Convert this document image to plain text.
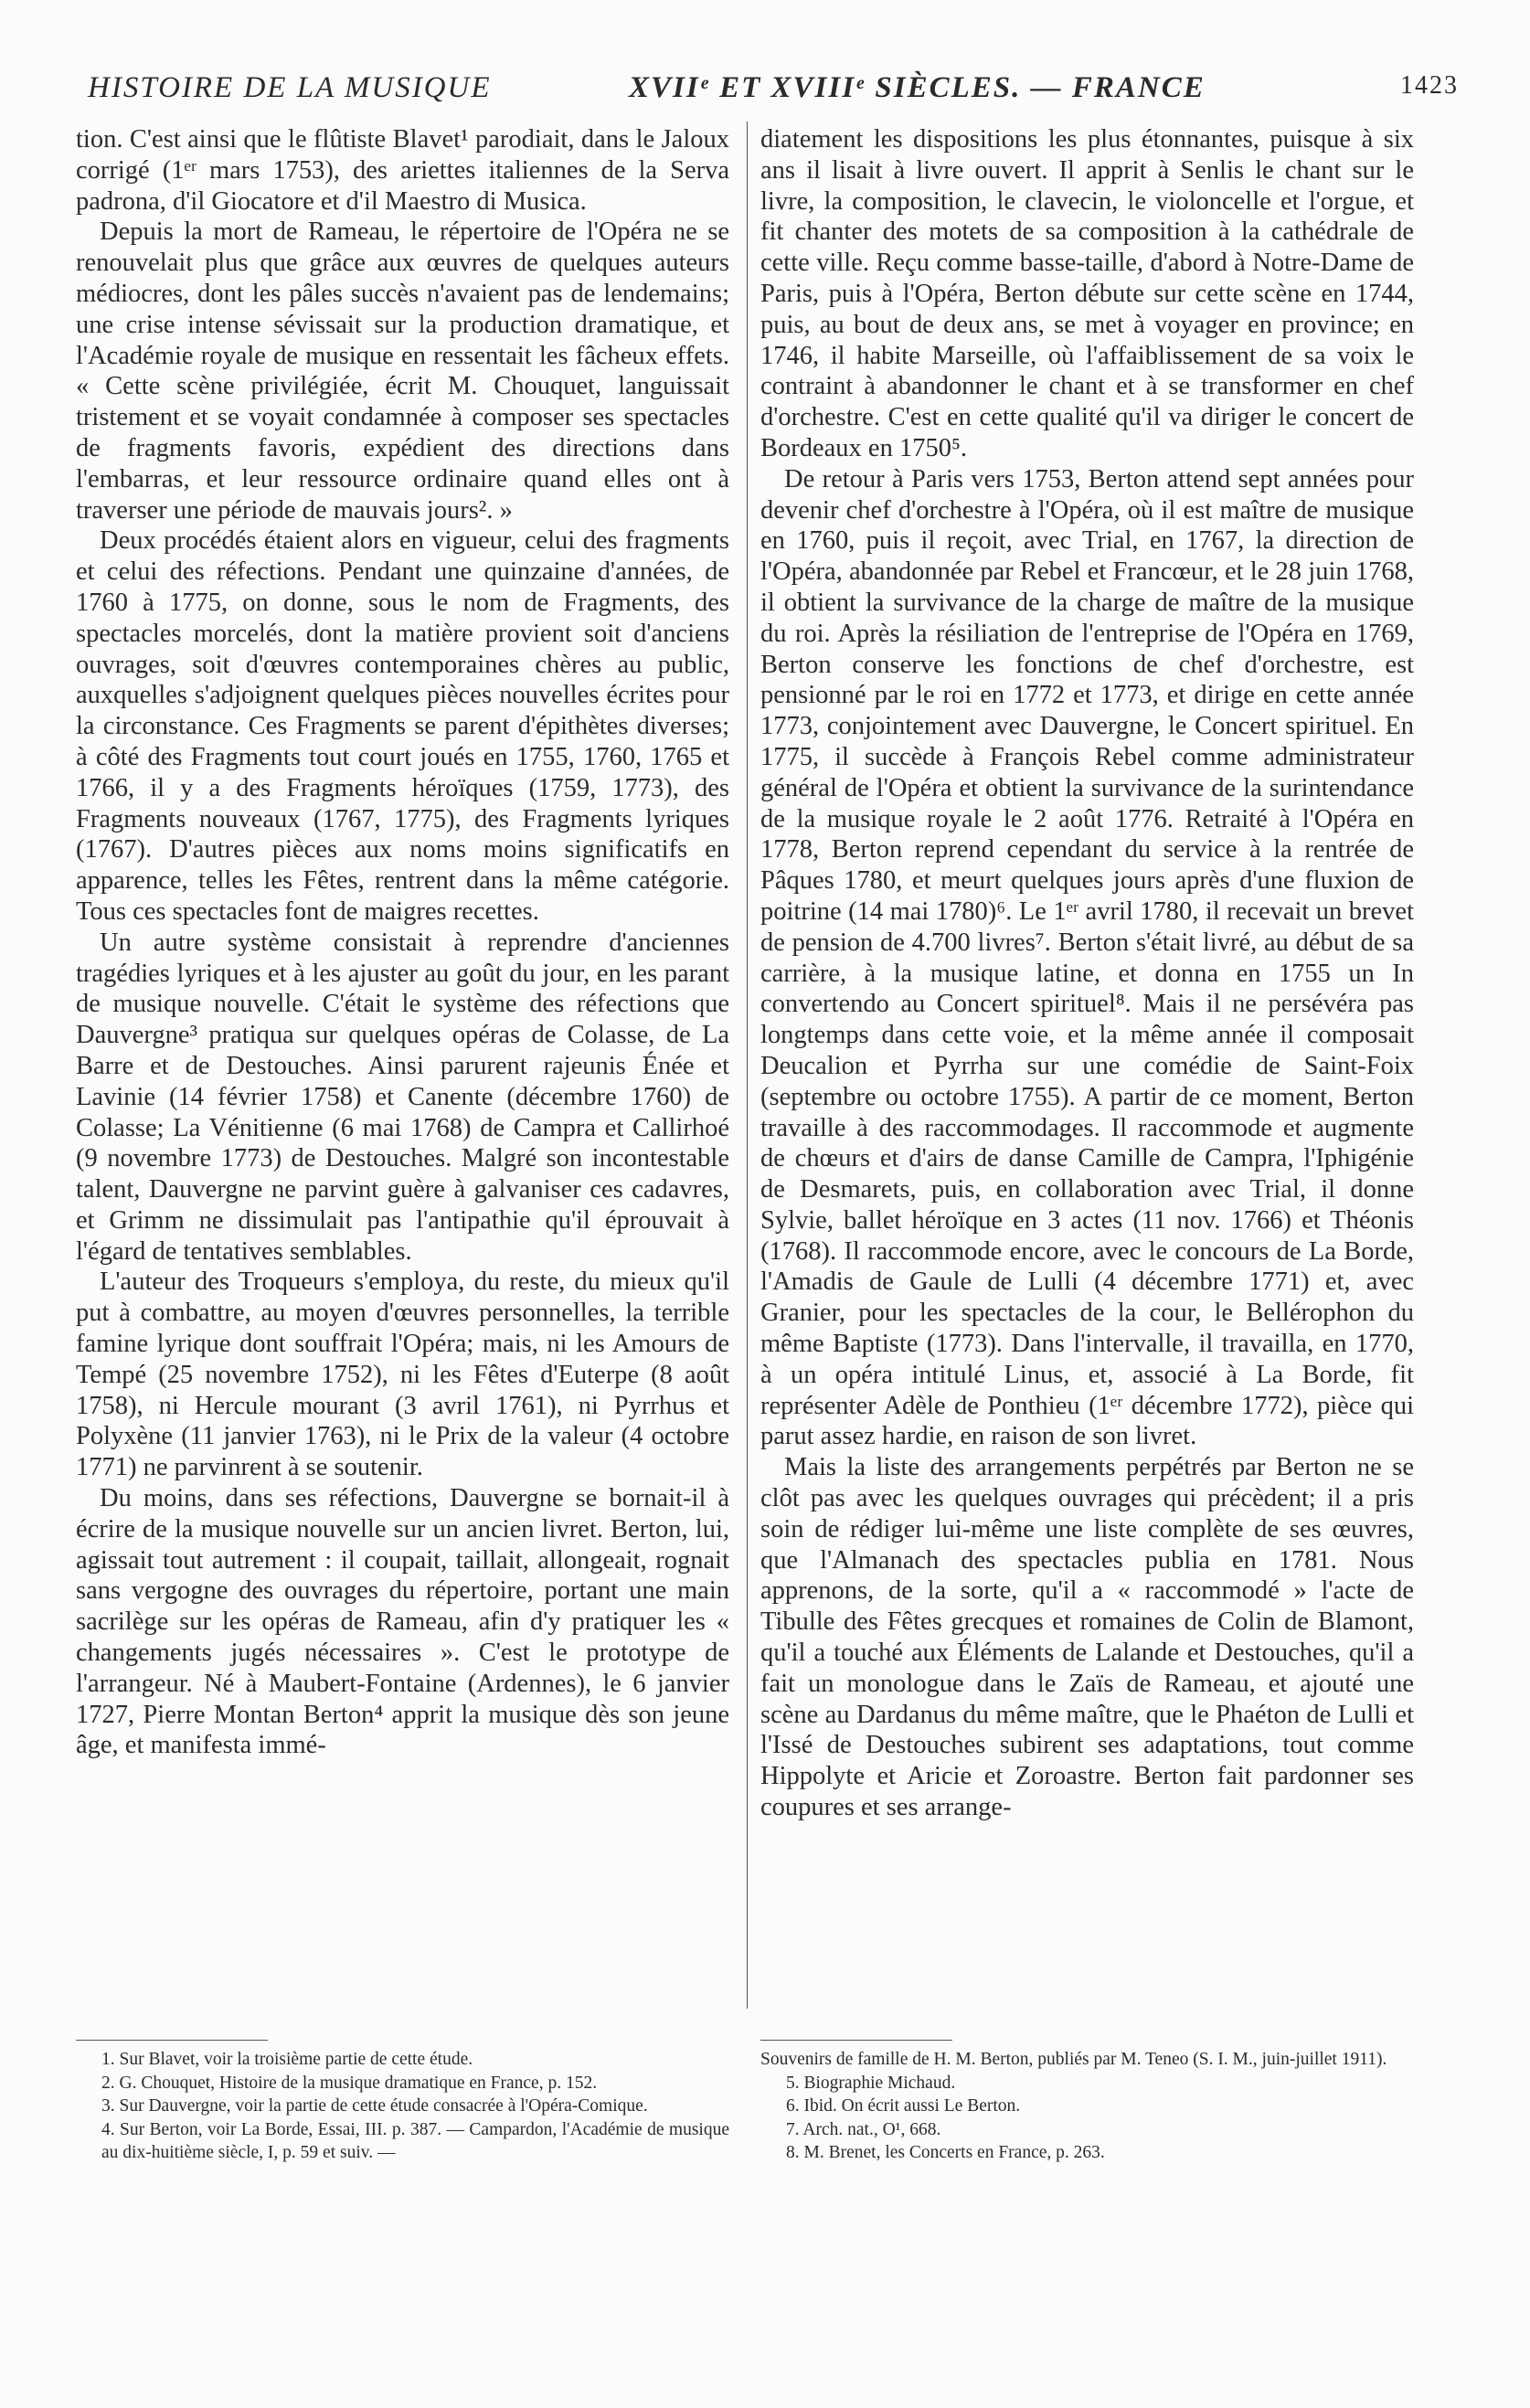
HISTOIRE DE LA MUSIQUE	XVIIᵉ ET XVIIIᵉ SIÈCLES. — FRANCE	1423

tion. C'est ainsi que le flûtiste Blavet¹ parodiait, dans le Jaloux corrigé (1ᵉʳ mars 1753), des ariettes italiennes de la Serva padrona, d'il Giocatore et d'il Maestro di Musica.

Depuis la mort de Rameau, le répertoire de l'Opéra ne se renouvelait plus que grâce aux œuvres de quelques auteurs médiocres, dont les pâles succès n'avaient pas de lendemains; une crise intense sévissait sur la production dramatique, et l'Académie royale de musique en ressentait les fâcheux effets. « Cette scène privilégiée, écrit M. Chouquet, languissait tristement et se voyait condamnée à composer ses spectacles de fragments favoris, expédient des directions dans l'embarras, et leur ressource ordinaire quand elles ont à traverser une période de mauvais jours². »

Deux procédés étaient alors en vigueur, celui des fragments et celui des réfections. Pendant une quinzaine d'années, de 1760 à 1775, on donne, sous le nom de Fragments, des spectacles morcelés, dont la matière provient soit d'anciens ouvrages, soit d'œuvres contemporaines chères au public, auxquelles s'adjoignent quelques pièces nouvelles écrites pour la circonstance. Ces Fragments se parent d'épithètes diverses; à côté des Fragments tout court joués en 1755, 1760, 1765 et 1766, il y a des Fragments héroïques (1759, 1773), des Fragments nouveaux (1767, 1775), des Fragments lyriques (1767). D'autres pièces aux noms moins significatifs en apparence, telles les Fêtes, rentrent dans la même catégorie. Tous ces spectacles font de maigres recettes.

Un autre système consistait à reprendre d'anciennes tragédies lyriques et à les ajuster au goût du jour, en les parant de musique nouvelle. C'était le système des réfections que Dauvergne³ pratiqua sur quelques opéras de Colasse, de La Barre et de Destouches. Ainsi parurent rajeunis Énée et Lavinie (14 février 1758) et Canente (décembre 1760) de Colasse; La Vénitienne (6 mai 1768) de Campra et Callirhoé (9 novembre 1773) de Destouches. Malgré son incontestable talent, Dauvergne ne parvint guère à galvaniser ces cadavres, et Grimm ne dissimulait pas l'antipathie qu'il éprouvait à l'égard de tentatives semblables.

L'auteur des Troqueurs s'employa, du reste, du mieux qu'il put à combattre, au moyen d'œuvres personnelles, la terrible famine lyrique dont souffrait l'Opéra; mais, ni les Amours de Tempé (25 novembre 1752), ni les Fêtes d'Euterpe (8 août 1758), ni Hercule mourant (3 avril 1761), ni Pyrrhus et Polyxène (11 janvier 1763), ni le Prix de la valeur (4 octobre 1771) ne parvinrent à se soutenir.

Du moins, dans ses réfections, Dauvergne se bornait-il à écrire de la musique nouvelle sur un ancien livret. Berton, lui, agissait tout autrement : il coupait, taillait, allongeait, rognait sans vergogne des ouvrages du répertoire, portant une main sacrilège sur les opéras de Rameau, afin d'y pratiquer les « changements jugés nécessaires ». C'est le prototype de l'arrangeur. Né à Maubert-Fontaine (Ardennes), le 6 janvier 1727, Pierre Montan Berton⁴ apprit la musique dès son jeune âge, et manifesta immé-

diatement les dispositions les plus étonnantes, puisque à six ans il lisait à livre ouvert. Il apprit à Senlis le chant sur le livre, la composition, le clavecin, le violoncelle et l'orgue, et fit chanter des motets de sa composition à la cathédrale de cette ville. Reçu comme basse-taille, d'abord à Notre-Dame de Paris, puis à l'Opéra, Berton débute sur cette scène en 1744, puis, au bout de deux ans, se met à voyager en province; en 1746, il habite Marseille, où l'affaiblissement de sa voix le contraint à abandonner le chant et à se transformer en chef d'orchestre. C'est en cette qualité qu'il va diriger le concert de Bordeaux en 1750⁵.

De retour à Paris vers 1753, Berton attend sept années pour devenir chef d'orchestre à l'Opéra, où il est maître de musique en 1760, puis il reçoit, avec Trial, en 1767, la direction de l'Opéra, abandonnée par Rebel et Francœur, et le 28 juin 1768, il obtient la survivance de la charge de maître de la musique du roi. Après la résiliation de l'entreprise de l'Opéra en 1769, Berton conserve les fonctions de chef d'orchestre, est pensionné par le roi en 1772 et 1773, et dirige en cette année 1773, conjointement avec Dauvergne, le Concert spirituel. En 1775, il succède à François Rebel comme administrateur général de l'Opéra et obtient la survivance de la surintendance de la musique royale le 2 août 1776. Retraité à l'Opéra en 1778, Berton reprend cependant du service à la rentrée de Pâques 1780, et meurt quelques jours après d'une fluxion de poitrine (14 mai 1780)⁶. Le 1ᵉʳ avril 1780, il recevait un brevet de pension de 4.700 livres⁷. Berton s'était livré, au début de sa carrière, à la musique latine, et donna en 1755 un In convertendo au Concert spirituel⁸. Mais il ne persévéra pas longtemps dans cette voie, et la même année il composait Deucalion et Pyrrha sur une comédie de Saint-Foix (septembre ou octobre 1755). A partir de ce moment, Berton travaille à des raccommodages. Il raccommode et augmente de chœurs et d'airs de danse Camille de Campra, l'Iphigénie de Desmarets, puis, en collaboration avec Trial, il donne Sylvie, ballet héroïque en 3 actes (11 nov. 1766) et Théonis (1768). Il raccommode encore, avec le concours de La Borde, l'Amadis de Gaule de Lulli (4 décembre 1771) et, avec Granier, pour les spectacles de la cour, le Bellérophon du même Baptiste (1773). Dans l'intervalle, il travailla, en 1770, à un opéra intitulé Linus, et, associé à La Borde, fit représenter Adèle de Ponthieu (1ᵉʳ décembre 1772), pièce qui parut assez hardie, en raison de son livret.

Mais la liste des arrangements perpétrés par Berton ne se clôt pas avec les quelques ouvrages qui précèdent; il a pris soin de rédiger lui-même une liste complète de ses œuvres, que l'Almanach des spectacles publia en 1781. Nous apprenons, de la sorte, qu'il a « raccommodé » l'acte de Tibulle des Fêtes grecques et romaines de Colin de Blamont, qu'il a touché aux Éléments de Lalande et Destouches, qu'il a fait un monologue dans le Zaïs de Rameau, et ajouté une scène au Dardanus du même maître, que le Phaéton de Lulli et l'Issé de Destouches subirent ses adaptations, tout comme Hippolyte et Aricie et Zoroastre. Berton fait pardonner ses coupures et ses arrange-

1. Sur Blavet, voir la troisième partie de cette étude.

2. G. Chouquet, Histoire de la musique dramatique en France, p. 152.

3. Sur Dauvergne, voir la partie de cette étude consacrée à l'Opéra-Comique.

4. Sur Berton, voir La Borde, Essai, III. p. 387. — Campardon, l'Académie de musique au dix-huitième siècle, I, p. 59 et suiv. —

Souvenirs de famille de H. M. Berton, publiés par M. Teneo (S. I. M., juin-juillet 1911).

5. Biographie Michaud.

6. Ibid. On écrit aussi Le Berton.

7. Arch. nat., O¹, 668.

8. M. Brenet, les Concerts en France, p. 263.
